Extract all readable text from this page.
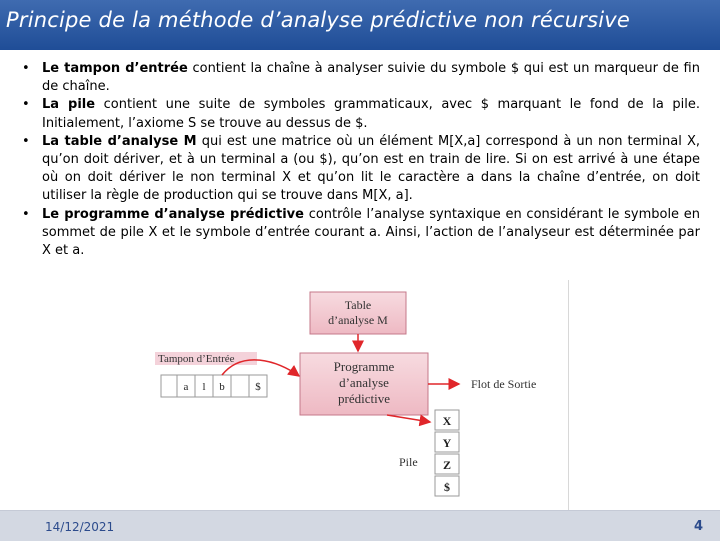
Principe de la méthode d’analyse prédictive non récursive
• Le tampon d’entrée contient la chaîne à analyser suivie du symbole $ qui est un marqueur de fin de chaîne.
• La pile contient une suite de symboles grammaticaux, avec $ marquant le fond de la pile. Initialement, l’axiome S se trouve au dessus de $.
• La table d’analyse M qui est une matrice où un élément M[X,a] correspond à un non terminal X, qu’on doit dériver, et à un terminal a (ou $), qu’on est en train de lire. Si on est arrivé à une étape où on doit dériver le non terminal X et qu’on lit le caractère a dans la chaîne d’entrée, on doit utiliser la règle de production qui se trouve dans M[X, a].
• Le programme d’analyse prédictive contrôle l’analyse syntaxique en considérant le symbole en sommet de pile X et le symbole d’entrée courant a. Ainsi, l’action de l’analyseur est déterminée par X et a.
Table
d’analyse M
Tampon d’Entrée
a l b	$
Programme
d’analyse
prédictive
Flot de Sortie
X
Y
Z
$
Pile
14/12/2021	4
